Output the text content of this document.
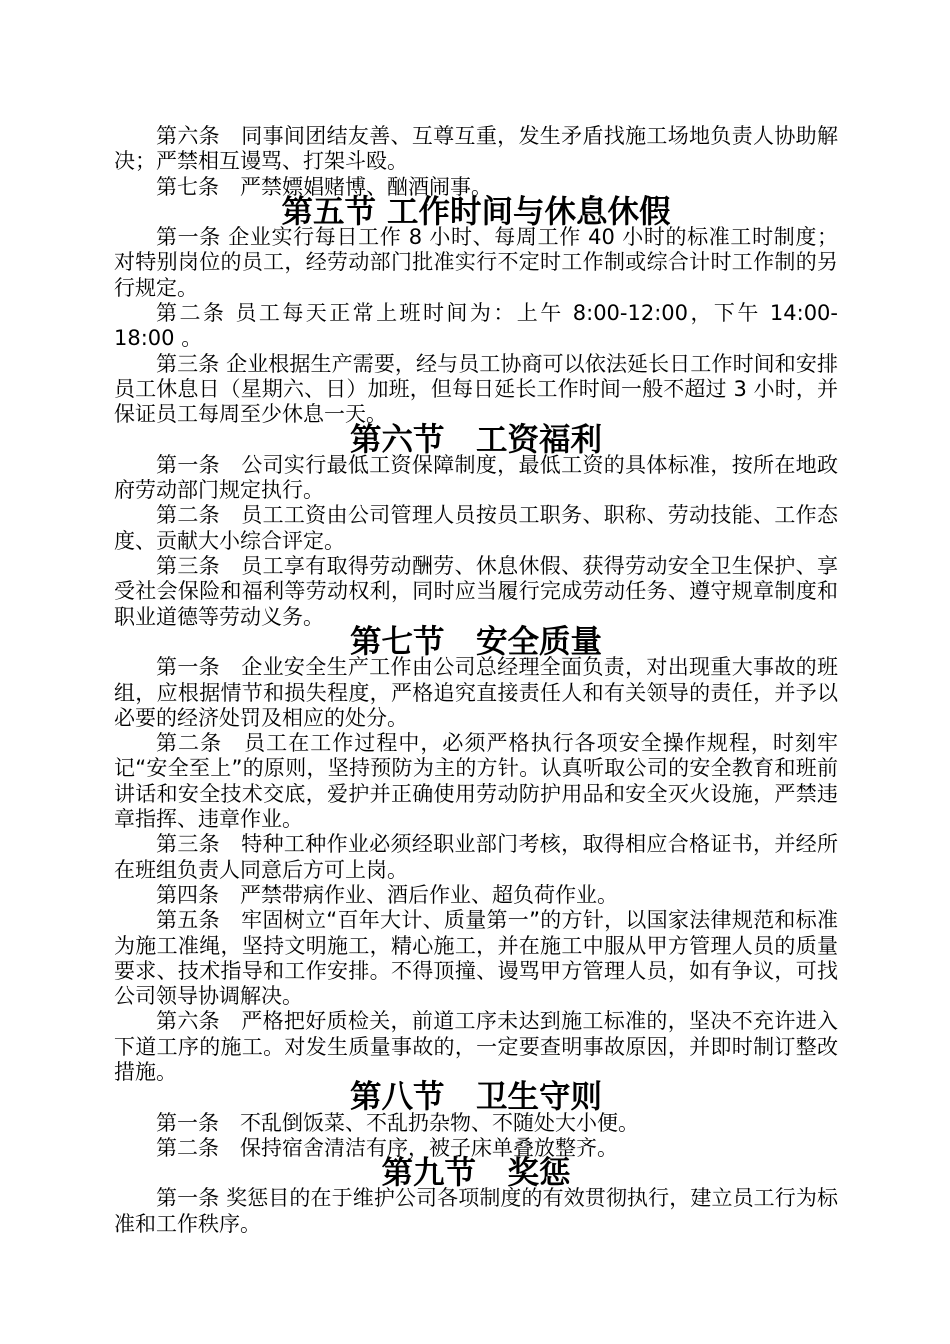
第六条　同事间团结友善、互尊互重，发生矛盾找施工场地负责人协助解决；严禁相互谩骂、打架斗殴。

第七条　严禁嫖娼赌博、酗酒闹事。

第五节 工作时间与休息休假

第一条 企业实行每日工作 8 小时、每周工作 40 小时的标准工时制度；对特别岗位的员工，经劳动部门批准实行不定时工作制或综合计时工作制的另行规定。

第二条 员工每天正常上班时间为：上午 8:00-12:00，下午 14:00-18:00 。

第三条 企业根据生产需要，经与员工协商可以依法延长日工作时间和安排员工休息日（星期六、日）加班，但每日延长工作时间一般不超过 3 小时，并保证员工每周至少休息一天。

第六节　工资福利

第一条　公司实行最低工资保障制度，最低工资的具体标准，按所在地政府劳动部门规定执行。

第二条　员工工资由公司管理人员按员工职务、职称、劳动技能、工作态度、贡献大小综合评定。

第三条　员工享有取得劳动酬劳、休息休假、获得劳动安全卫生保护、享受社会保险和福利等劳动权利，同时应当履行完成劳动任务、遵守规章制度和职业道德等劳动义务。

第七节　安全质量

第一条　企业安全生产工作由公司总经理全面负责，对出现重大事故的班组，应根据情节和损失程度，严格追究直接责任人和有关领导的责任，并予以必要的经济处罚及相应的处分。

第二条　员工在工作过程中，必须严格执行各项安全操作规程，时刻牢记“安全至上”的原则，坚持预防为主的方针。认真听取公司的安全教育和班前讲话和安全技术交底，爱护并正确使用劳动防护用品和安全灭火设施，严禁违章指挥、违章作业。

第三条　特种工种作业必须经职业部门考核，取得相应合格证书，并经所在班组负责人同意后方可上岗。

第四条　严禁带病作业、酒后作业、超负荷作业。

第五条　牢固树立“百年大计、质量第一”的方针，以国家法律规范和标准为施工准绳，坚持文明施工，精心施工，并在施工中服从甲方管理人员的质量要求、技术指导和工作安排。不得顶撞、谩骂甲方管理人员，如有争议，可找公司领导协调解决。

第六条　严格把好质检关，前道工序未达到施工标准的，坚决不充许进入下道工序的施工。对发生质量事故的，一定要查明事故原因，并即时制订整改措施。

第八节　卫生守则

第一条　不乱倒饭菜、不乱扔杂物、不随处大小便。

第二条　保持宿舍清洁有序，被子床单叠放整齐。

第九节　奖惩

第一条 奖惩目的在于维护公司各项制度的有效贯彻执行，建立员工行为标准和工作秩序。
